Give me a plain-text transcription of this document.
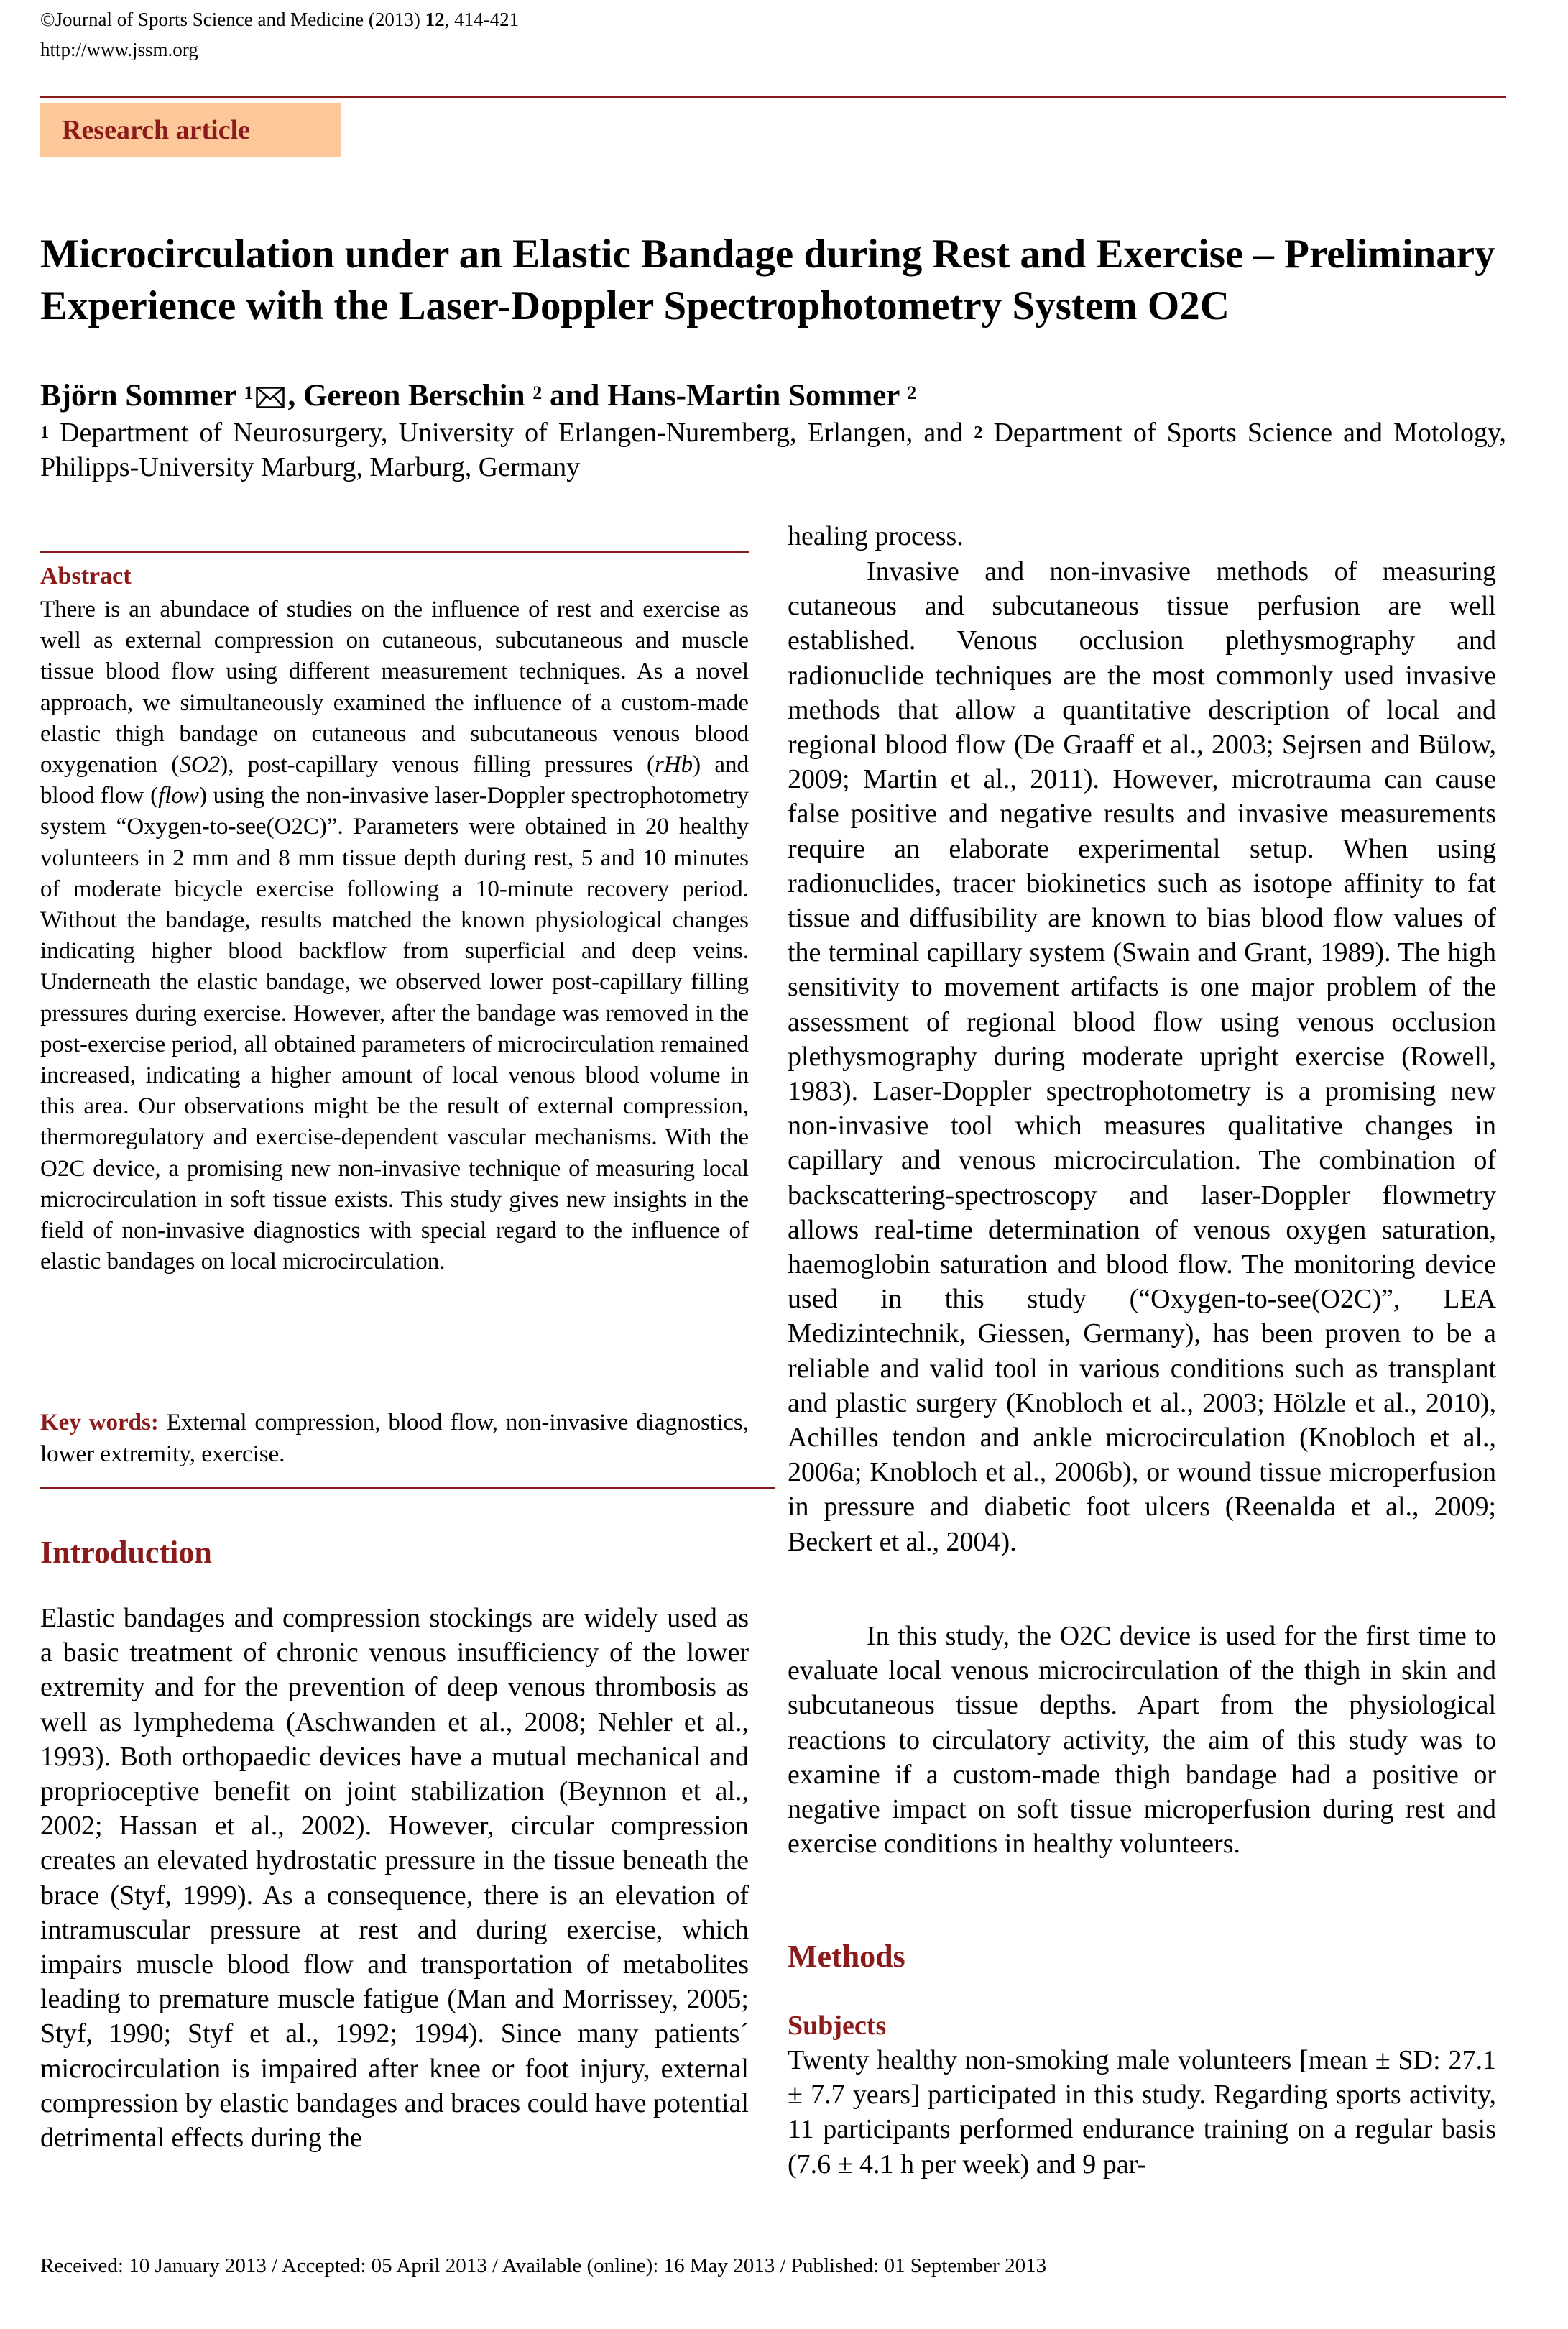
©Journal of Sports Science and Medicine (2013) 12, 414-421
http://www.jssm.org
Research article
Microcirculation under an Elastic Bandage during Rest and Exercise – Preliminary Experience with the Laser-Doppler Spectrophotometry System O2C
Björn Sommer $^1$ , Gereon Berschin $^2$ and Hans-Martin Sommer $^2$
$^1$ Department of Neurosurgery, University of Erlangen-Nuremberg, Erlangen, and $^2$ Department of Sports Science and Motology, Philipps-University Marburg, Marburg, Germany
Abstract

There is an abundace of studies on the influence of rest and exercise as well as external compression on cutaneous, subcutaneous and muscle tissue blood flow using different measurement techniques. As a novel approach, we simultaneously examined the influence of a custom-made elastic thigh bandage on cutaneous and subcutaneous venous blood oxygenation (SO2), post-capillary venous filling pressures (rHb) and blood flow (flow) using the non-invasive laser-Doppler spectrophotometry system “Oxygen-to-see(O2C)”. Parameters were obtained in 20 healthy volunteers in 2 mm and 8 mm tissue depth during rest, 5 and 10 minutes of moderate bicycle exercise following a 10-minute recovery period. Without the bandage, results matched the known physiological changes indicating higher blood backflow from superficial and deep veins. Underneath the elastic bandage, we observed lower post-capillary filling pressures during exercise. However, after the bandage was removed in the post-exercise period, all obtained parameters of microcirculation remained increased, indicating a higher amount of local venous blood volume in this area. Our observations might be the result of external compression, thermoregulatory and exercise-dependent vascular mechanisms. With the O2C device, a promising new non-invasive technique of measuring local microcirculation in soft tissue exists. This study gives new insights in the field of non-invasive diagnostics with special regard to the influence of elastic bandages on local microcirculation.

Key words: External compression, blood flow, non-invasive diagnostics, lower extremity, exercise.

Introduction

Elastic bandages and compression stockings are widely used as a basic treatment of chronic venous insufficiency of the lower extremity and for the prevention of deep venous thrombosis as well as lymphedema (Aschwanden et al., 2008; Nehler et al., 1993). Both orthopaedic devices have a mutual mechanical and proprioceptive benefit on joint stabilization (Beynnon et al., 2002; Hassan et al., 2002). However, circular compression creates an elevated hydrostatic pressure in the tissue beneath the brace (Styf, 1999). As a consequence, there is an elevation of intramuscular pressure at rest and during exercise, which impairs muscle blood flow and transportation of metabolites leading to premature muscle fatigue (Man and Morrissey, 2005; Styf, 1990; Styf et al., 1992; 1994). Since many patients´ microcirculation is impaired after knee or foot injury, external compression by elastic bandages and braces could have potential detrimental effects during the

healing process.

Invasive and non-invasive methods of measuring cutaneous and subcutaneous tissue perfusion are well established. Venous occlusion plethysmography and radionuclide techniques are the most commonly used invasive methods that allow a quantitative description of local and regional blood flow (De Graaff et al., 2003; Sejrsen and Bülow, 2009; Martin et al., 2011). However, microtrauma can cause false positive and negative results and invasive measurements require an elaborate experimental setup. When using radionuclides, tracer biokinetics such as isotope affinity to fat tissue and diffusibility are known to bias blood flow values of the terminal capillary system (Swain and Grant, 1989). The high sensitivity to movement artifacts is one major problem of the assessment of regional blood flow using venous occlusion plethysmography during moderate upright exercise (Rowell, 1983). Laser-Doppler spectrophotometry is a promising new non-invasive tool which measures qualitative changes in capillary and venous microcirculation. The combination of backscattering-spectroscopy and laser-Doppler flowmetry allows real-time determination of venous oxygen saturation, haemoglobin saturation and blood flow. The monitoring device used in this study (“Oxygen-to-see(O2C)”, LEA Medizintechnik, Giessen, Germany), has been proven to be a reliable and valid tool in various conditions such as transplant and plastic surgery (Knobloch et al., 2003; Hölzle et al., 2010), Achilles tendon and ankle microcirculation (Knobloch et al., 2006a; Knobloch et al., 2006b), or wound tissue microperfusion in pressure and diabetic foot ulcers (Reenalda et al., 2009; Beckert et al., 2004).

In this study, the O2C device is used for the first time to evaluate local venous microcirculation of the thigh in skin and subcutaneous tissue depths. Apart from the physiological reactions to circulatory activity, the aim of this study was to examine if a custom-made thigh bandage had a positive or negative impact on soft tissue microperfusion during rest and exercise conditions in healthy volunteers.

Methods
Subjects

Twenty healthy non-smoking male volunteers [mean ± SD: 27.1 ± 7.7 years] participated in this study. Regarding sports activity, 11 participants performed endurance training on a regular basis (7.6 ± 4.1 h per week) and 9 par-

Received: 10 January 2013 / Accepted: 05 April 2013 / Available (online): 16 May 2013 / Published: 01 September 2013
